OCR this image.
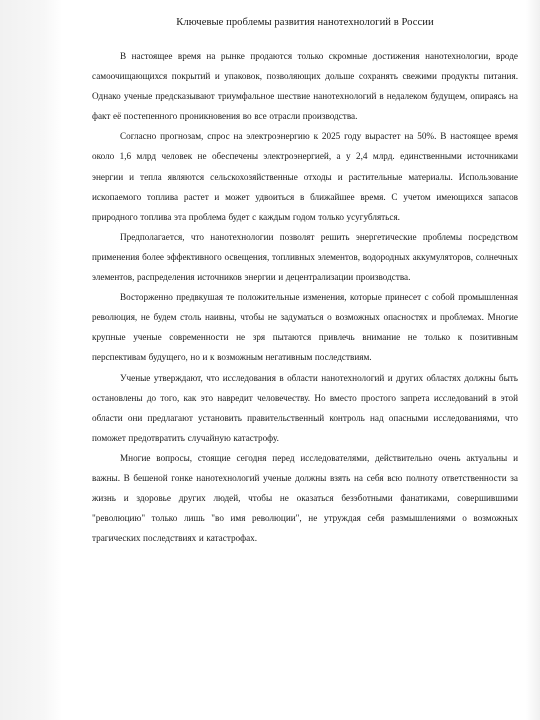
Ключевые проблемы развития нанотехнологий в России

В настоящее время на рынке продаются только скромные достижения нанотехнологии, вроде самоочищающихся покрытий и упаковок, позволяющих дольше сохранять свежими продукты питания. Однако ученые предсказывают триумфальное шествие нанотехнологий в недалеком будущем, опираясь на факт её постепенного проникновения во все отрасли производства.

Согласно прогнозам, спрос на электроэнергию к 2025 году вырастет на 50%. В настоящее время около 1,6 млрд человек не обеспечены электроэнергией, а у 2,4 млрд. единственными источниками энергии и тепла являются сельскохозяйственные отходы и растительные материалы. Использование ископаемого топлива растет и может удвоиться в ближайшее время. С учетом имеющихся запасов природного топлива эта проблема будет с каждым годом только усугубляться.

Предполагается, что нанотехнологии позволят решить энергетические проблемы посредством применения более эффективного освещения, топливных элементов, водородных аккумуляторов, солнечных элементов, распределения источников энергии и децентрализации производства.

Восторженно предвкушая те положительные изменения, которые принесет с собой промышленная революция, не будем столь наивны, чтобы не задуматься о возможных опасностях и проблемах. Многие крупные ученые современности не зря пытаются привлечь внимание не только к позитивным перспективам будущего, но и к возможным негативным последствиям.

Ученые утверждают, что исследования в области нанотехнологий и других областях должны быть остановлены до того, как это навредит человечеству. Но вместо простого запрета исследований в этой области они предлагают установить правительственный контроль над опасными исследованиями, что поможет предотвратить случайную катастрофу.

Многие вопросы, стоящие сегодня перед исследователями, действительно очень актуальны и важны. В бешеной гонке нанотехнологий ученые должны взять на себя всю полноту ответственности за жизнь и здоровье других людей, чтобы не оказаться безэботными фанатиками, совершившими "революцию" только лишь "во имя революции", не утруждая себя размышлениями о возможных трагических последствиях и катастрофах.
